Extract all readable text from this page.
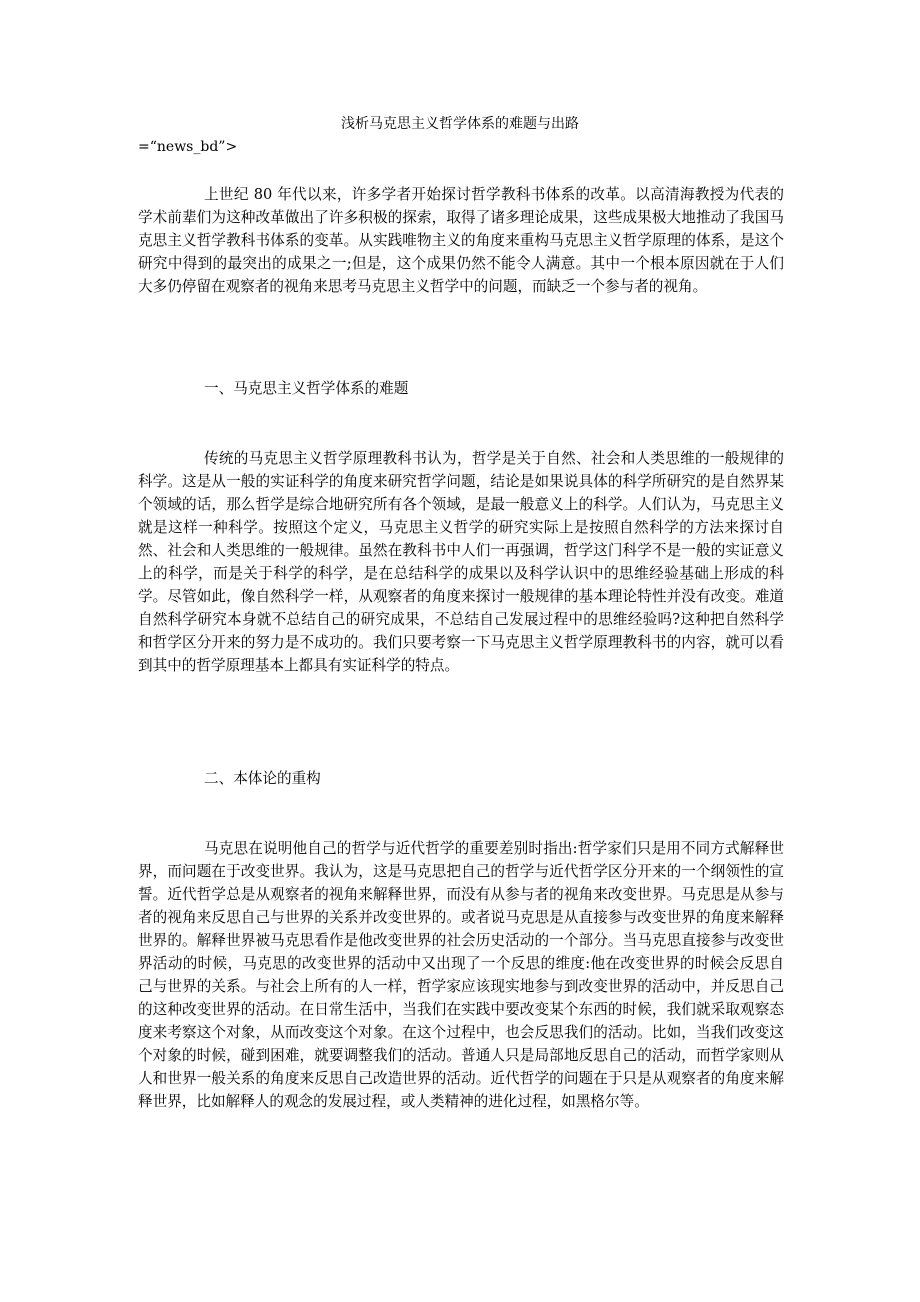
浅析马克思主义哲学体系的难题与出路
=“news_bd”>

上世纪 80 年代以来，许多学者开始探讨哲学教科书体系的改革。以高清海教授为代表的学术前辈们为这种改革做出了许多积极的探索，取得了诸多理论成果，这些成果极大地推动了我国马克思主义哲学教科书体系的变革。从实践唯物主义的角度来重构马克思主义哲学原理的体系，是这个研究中得到的最突出的成果之一;但是，这个成果仍然不能令人满意。其中一个根本原因就在于人们大多仍停留在观察者的视角来思考马克思主义哲学中的问题，而缺乏一个参与者的视角。

一、马克思主义哲学体系的难题

传统的马克思主义哲学原理教科书认为，哲学是关于自然、社会和人类思维的一般规律的科学。这是从一般的实证科学的角度来研究哲学问题，结论是如果说具体的科学所研究的是自然界某个领域的话，那么哲学是综合地研究所有各个领域，是最一般意义上的科学。人们认为，马克思主义就是这样一种科学。按照这个定义，马克思主义哲学的研究实际上是按照自然科学的方法来探讨自然、社会和人类思维的一般规律。虽然在教科书中人们一再强调，哲学这门科学不是一般的实证意义上的科学，而是关于科学的科学，是在总结科学的成果以及科学认识中的思维经验基础上形成的科学。尽管如此，像自然科学一样，从观察者的角度来探讨一般规律的基本理论特性并没有改变。难道自然科学研究本身就不总结自己的研究成果，不总结自己发展过程中的思维经验吗?这种把自然科学和哲学区分开来的努力是不成功的。我们只要考察一下马克思主义哲学原理教科书的内容，就可以看到其中的哲学原理基本上都具有实证科学的特点。

二、本体论的重构

马克思在说明他自己的哲学与近代哲学的重要差别时指出:哲学家们只是用不同方式解释世界，而问题在于改变世界。我认为，这是马克思把自己的哲学与近代哲学区分开来的一个纲领性的宣誓。近代哲学总是从观察者的视角来解释世界，而没有从参与者的视角来改变世界。马克思是从参与者的视角来反思自己与世界的关系并改变世界的。或者说马克思是从直接参与改变世界的角度来解释世界的。解释世界被马克思看作是他改变世界的社会历史活动的一个部分。当马克思直接参与改变世界活动的时候，马克思的改变世界的活动中又出现了一个反思的维度:他在改变世界的时候会反思自己与世界的关系。与社会上所有的人一样，哲学家应该现实地参与到改变世界的活动中，并反思自己的这种改变世界的活动。在日常生活中，当我们在实践中要改变某个东西的时候，我们就采取观察态度来考察这个对象，从而改变这个对象。在这个过程中，也会反思我们的活动。比如，当我们改变这个对象的时候，碰到困难，就要调整我们的活动。普通人只是局部地反思自己的活动，而哲学家则从人和世界一般关系的角度来反思自己改造世界的活动。近代哲学的问题在于只是从观察者的角度来解释世界，比如解释人的观念的发展过程，或人类精神的进化过程，如黑格尔等。
